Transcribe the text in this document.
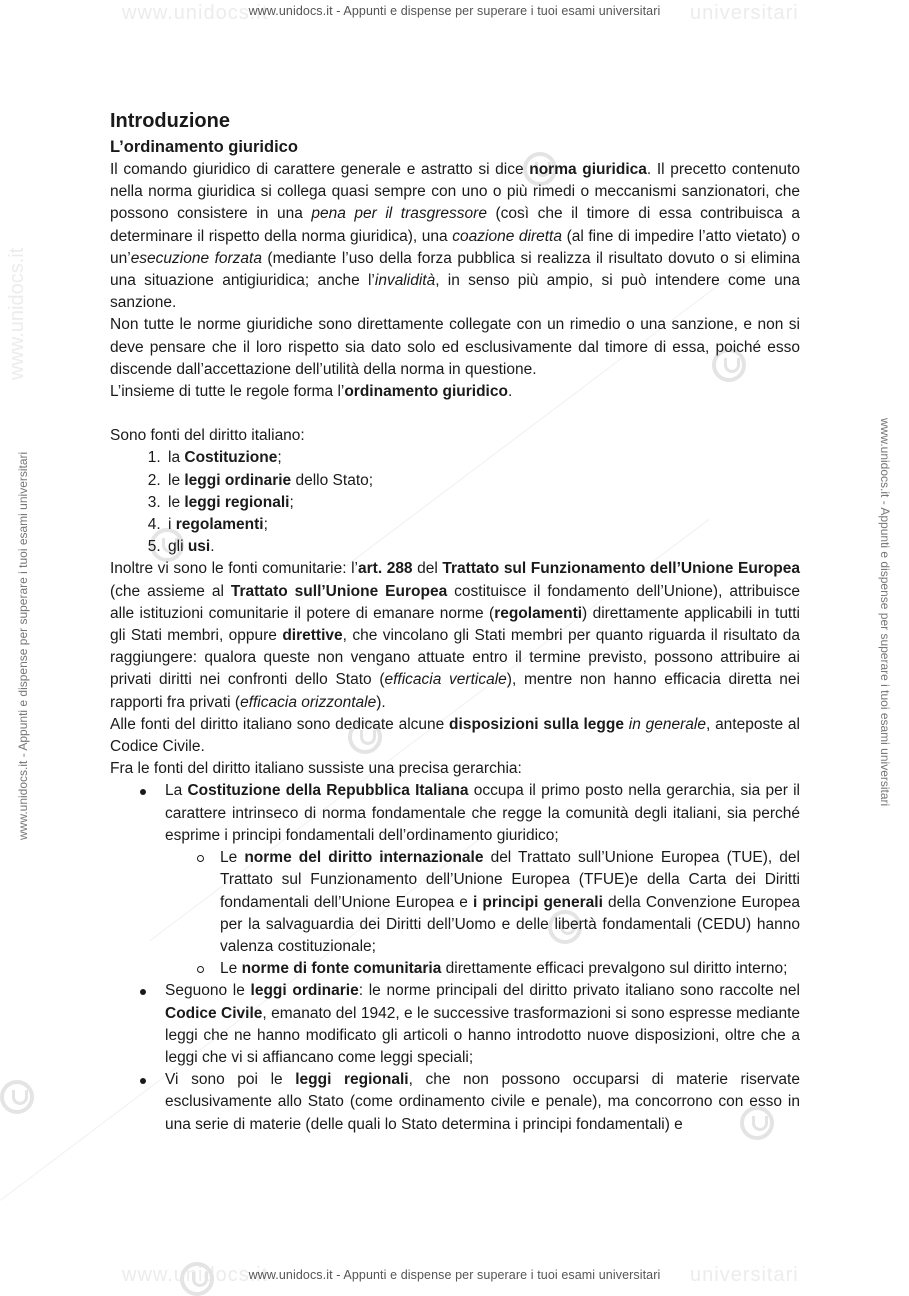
www.unidocs.it	universitari
www.unidocs.it	universitari
www.unidocs.it
www.unidocs.it - Appunti e dispense per superare i tuoi esami universitari
www.unidocs.it - Appunti e dispense per superare i tuoi esami universitari
www.unidocs.it - Appunti e dispense per superare i tuoi esami universitari	www.unidocs.it - Appunti e dispense per superare i tuoi esami universitari
Introduzione
L’ordinamento giuridico

Il comando giuridico di carattere generale e astratto si dice norma giuridica. Il precetto contenuto nella norma giuridica si collega quasi sempre con uno o più rimedi o meccanismi sanzionatori, che possono consistere in una pena per il trasgressore (così che il timore di essa contribuisca a determinare il rispetto della norma giuridica), una coazione diretta (al fine di impedire l’atto vietato) o un’esecuzione forzata (mediante l’uso della forza pubblica si realizza il risultato dovuto o si elimina una situazione antigiuridica; anche l’invalidità, in senso più ampio, si può intendere come una sanzione.

Non tutte le norme giuridiche sono direttamente collegate con un rimedio o una sanzione, e non si deve pensare che il loro rispetto sia dato solo ed esclusivamente dal timore di essa, poiché esso discende dall’accettazione dell’utilità della norma in questione.

L’insieme di tutte le regole forma l’ordinamento giuridico.

Sono fonti del diritto italiano:

1. la Costituzione;
2. le leggi ordinarie dello Stato;
3. le leggi regionali;
4. i regolamenti;
5. gli usi.

Inoltre vi sono le fonti comunitarie: l’art. 288 del Trattato sul Funzionamento dell’Unione Europea (che assieme al Trattato sull’Unione Europea costituisce il fondamento dell’Unione), attribuisce alle istituzioni comunitarie il potere di emanare norme (regolamenti) direttamente applicabili in tutti gli Stati membri, oppure direttive, che vincolano gli Stati membri per quanto riguarda il risultato da raggiungere: qualora queste non vengano attuate entro il termine previsto, possono attribuire ai privati diritti nei confronti dello Stato (efficacia verticale), mentre non hanno efficacia diretta nei rapporti fra privati (efficacia orizzontale).

Alle fonti del diritto italiano sono dedicate alcune disposizioni sulla legge in generale, anteposte al Codice Civile.

Fra le fonti del diritto italiano sussiste una precisa gerarchia:

La Costituzione della Repubblica Italiana occupa il primo posto nella gerarchia, sia per il carattere intrinseco di norma fondamentale che regge la comunità degli italiani, sia perché esprime i principi fondamentali dell’ordinamento giuridico;
Le norme del diritto internazionale del Trattato sull’Unione Europea (TUE), del Trattato sul Funzionamento dell’Unione Europea (TFUE)e della Carta dei Diritti fondamentali dell’Unione Europea e i principi generali della Convenzione Europea per la salvaguardia dei Diritti dell’Uomo e delle libertà fondamentali (CEDU) hanno valenza costituzionale;
Le norme di fonte comunitaria direttamente efficaci prevalgono sul diritto interno;
Seguono le leggi ordinarie: le norme principali del diritto privato italiano sono raccolte nel Codice Civile, emanato del 1942, e le successive trasformazioni si sono espresse mediante leggi che ne hanno modificato gli articoli o hanno introdotto nuove disposizioni, oltre che a leggi che vi si affiancano come leggi speciali;
Vi sono poi le leggi regionali, che non possono occuparsi di materie riservate esclusivamente allo Stato (come ordinamento civile e penale), ma concorrono con esso in una serie di materie (delle quali lo Stato determina i principi fondamentali) e
